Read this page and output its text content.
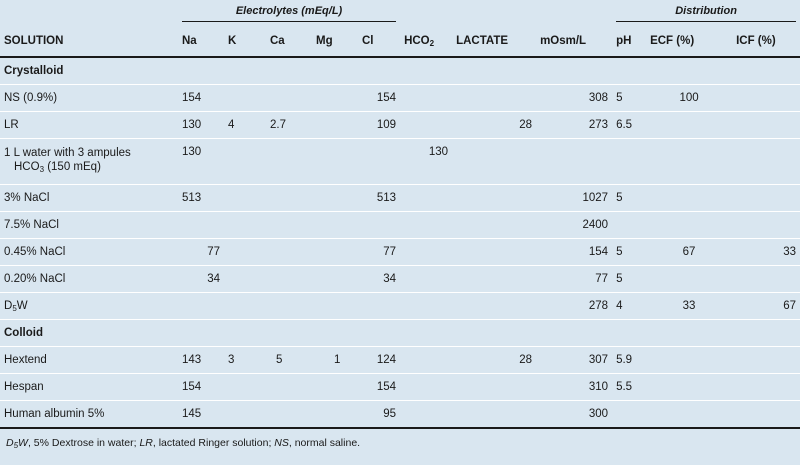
	Electrolytes (mEq/L)								Distribution		

SOLUTION	Na	K	Ca	Mg	Cl	$HCO_2$	LACTATE	mOsm/L	pH	ECF (%)	ICF (%)
Crystalloid											
NS (0.9%)	154				154			308	5	100	
LR	130	4	2.7		109		28	273	6.5		
1 L water with 3 ampules
$HCO_3$ (150 mEq)	130					130					
3% NaCl	513				513			1027	5		
7.5% NaCl								2400			
0.45% NaCl	77				77			154	5	67	33
0.20% NaCl	34				34			77	5		
$D_5W$								278	4	33	67
Colloid											
Hextend	143	3	5	1	124		28	307	5.9		
Hespan	154				154			310	5.5		
Human albumin 5%	145				95			300			
$D_5W$, 5% Dextrose in water; LR, lactated Ringer solution; NS, normal saline.											
